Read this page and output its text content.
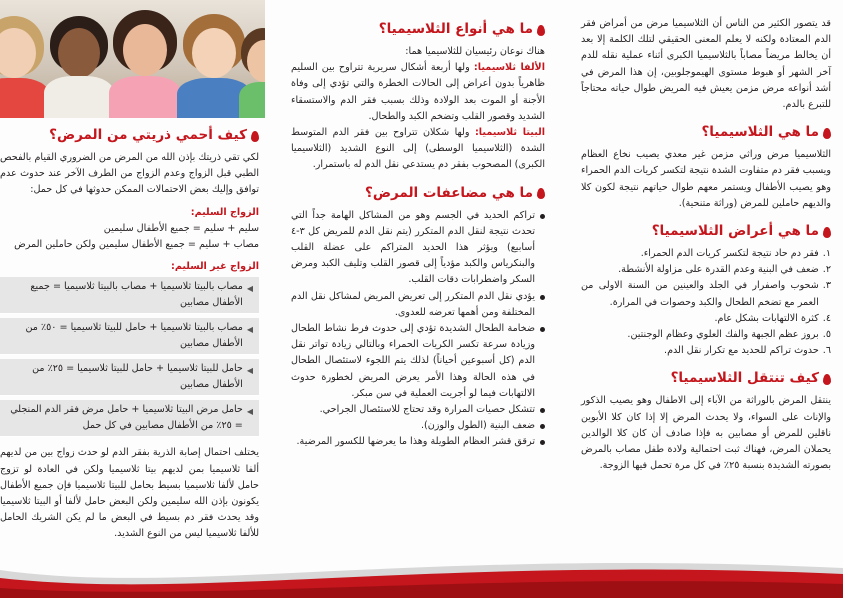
قد يتصور الكثير من الناس أن الثلاسيميا مرض من أمراض فقر الدم المعتادة ولكنه لا يعلم المعنى الحقيقي لتلك الكلمة إلا بعد أن يخالط مريضاً مصاباً بالثلاسيميا الكبرى أثناء عملية نقله للدم آخر الشهر أو هبوط مستوى الهيموجلوبين، إن هذا المرض في أشد أنواعه مرض مزمن يعيش فيه المريض طوال حياته محتاجاً للتبرع بالدم.

ما هي الثلاسيميا؟

الثلاسيميا مرض وراثي مزمن غير معدي يصيب نخاع العظام ويسبب فقر دم متفاوت الشدة نتيجة لتكسر كريات الدم الحمراء وهو يصيب الأطفال ويستمر معهم طوال حياتهم نتيجة لكون كلا والديهم حاملين للمرض (وراثة متنحية).

ما هي أعراض الثلاسيميا؟
١.
فقر دم حاد نتيجة لتكسر كريات الدم الحمراء.
٢.
ضعف في البنية وعدم القدرة على مزاولة الأنشطة.
٣.
شحوب واصفرار في الجلد والعينين من السنة الاولى من العمر مع تضخم الطحال والكبد وحصوات في المرارة.
٤.
كثرة الالتهابات بشكل عام.
٥.
بروز عظم الجبهة والفك العلوي وعظام الوجنتين.
٦.
حدوث تراكم للحديد مع تكرار نقل الدم.
كيف تنتقل الثلاسيميا؟

ينتقل المرض بالوراثة من الآباء إلى الاطفال وهو يصيب الذكور والإناث على السواء، ولا يحدث المرض إلا إذا كان كلا الأبوين ناقلين للمرض أو مصابين به فإذا صادف أن كان كلا الوالدين يحملان المرض، فهناك ثبت احتمالية ولادة طفل مصاب بالمرض بصورته الشديدة بنسبة ٢٥٪ في كل مرة تحمل فيها الزوجة.

ما هي أنواع الثلاسيميا؟

هناك نوعان رئيسيان للثلاسيميا هما:

الألفا ثلاسيميا: ولها أربعة أشكال سريرية تتراوح بين السليم ظاهرياً بدون أعراض إلى الحالات الخطرة والتي تؤدي إلى وفاة الأجنة أو الموت بعد الولادة وذلك بسبب فقر الدم والاستسقاء الشديد وقصور القلب وتضخم الكبد والطحال.

البيتا ثلاسيميا: ولها شكلان تتراوح بين فقر الدم المتوسط الشدة (الثلاسيميا الوسطى) إلى النوع الشديد (الثلاسيميا الكبرى) المصحوب بفقر دم يستدعي نقل الدم له باستمرار.

ما هي مضاعفات المرض؟
تراكم الحديد في الجسم وهو من المشاكل الهامة جداً التي تحدث نتيجة لنقل الدم المتكرر (يتم نقل الدم للمريض كل ٣-٤ أسابيع) ويؤثر هذا الحديد المتراكم على عضلة القلب والبنكرياس والكبد مؤدياً إلى قصور القلب وتليف الكبد ومرض السكر واضطرابات دقات القلب.
يؤدي نقل الدم المتكرر إلى تعريض المريض لمشاكل نقل الدم المختلفة ومن أهمها تعرضه للعدوى.
ضخامة الطحال الشديدة تؤدي إلى حدوث فرط نشاط الطحال وزيادة سرعة تكسر الكريات الحمراء وبالتالي زيادة تواتر نقل الدم (كل أسبوعين أحياناً) لذلك يتم اللجوء لاستئصال الطحال في هذه الحالة وهذا الأمر يعرض المريض لخطورة حدوث الالتهابات فيما لو أجريت العملية في سن مبكر.
تتشكل حصيات المرارة وقد تحتاج للاستئصال الجراحي.
ضعف البنية (الطول والوزن).
ترقق قشر العظام الطويلة وهذا ما يعرضها للكسور المرضية.
كيف أحمي ذريتي من المرض؟

لكي تقي ذريتك بإذن الله من المرض من الضروري القيام بالفحص الطبي قبل الزواج وعدم الزواج من الطرف الآخر عند حدوث عدم توافق وإليك بعض الاحتمالات الممكن حدوثها في كل حمل:

الزواج السليم:

سليم + سليم = جميع الأطفال سليمين

مصاب + سليم = جميع الأطفال سليمين ولكن حاملين المرض

الزواج غير السليم:

◀
مصاب بالبيتا ثلاسيميا + مصاب بالبيتا ثلاسيميا = جميع الأطفال مصابين
◀
مصاب بالبيتا ثلاسيميا + حامل للبيتا ثلاسيميا = ٥٠٪ من الأطفال مصابين
◀
حامل للبيتا ثلاسيميا + حامل للبيتا ثلاسيميا = ٢٥٪ من الأطفال مصابين
◀
حامل مرض البيتا ثلاسيميا + حامل مرض فقر الدم المنجلي = ٢٥٪ من الأطفال مصابين في كل حمل

يختلف احتمال إصابة الذرية بفقر الدم لو حدث زواج بين من لديهم ألفا ثلاسيميا بمن لديهم بيتا ثلاسيميا ولكن في العادة لو تزوج حامل لألفا ثلاسيميا بسيط بحامل للبيتا ثلاسيميا فإن جميع الأطفال يكونون بإذن الله سليمين ولكن البعض حامل لألفا أو البيتا ثلاسيميا وقد يحدث فقر دم بسيط في البعض ما لم يكن الشريك الحامل للألفا ثلاسيميا ليس من النوع الشديد.
